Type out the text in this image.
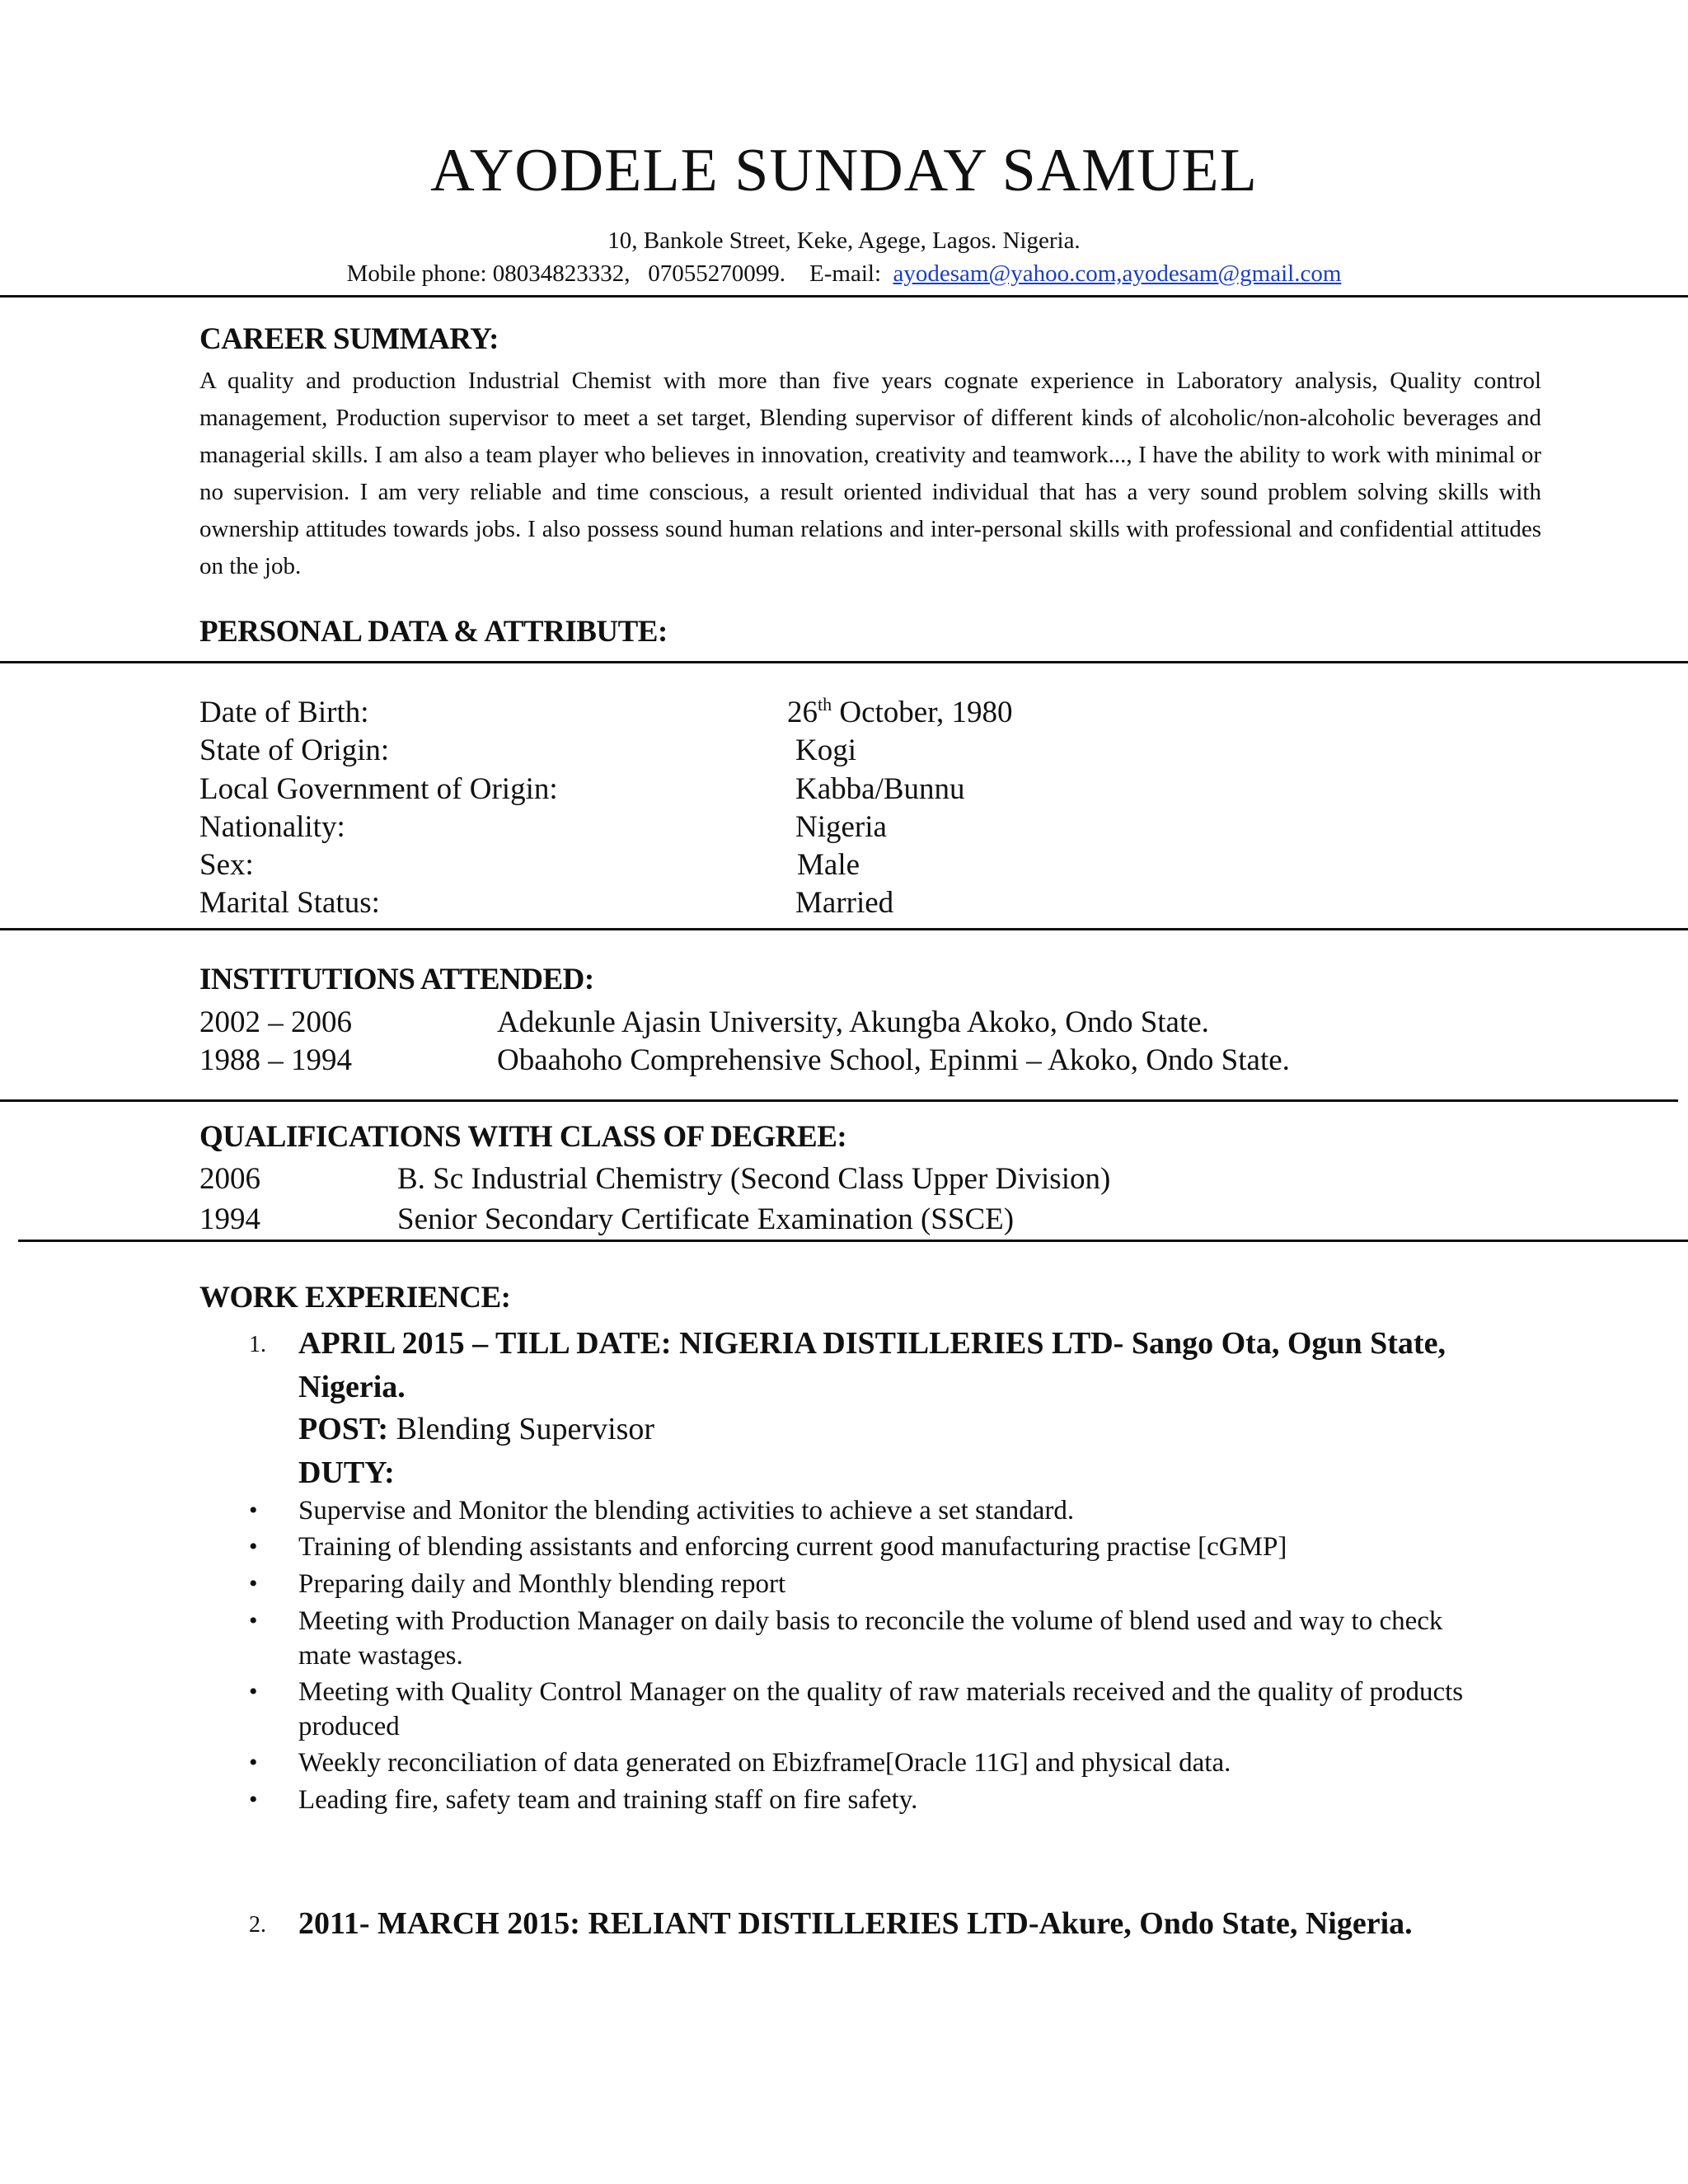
AYODELE SUNDAY SAMUEL
10, Bankole Street, Keke, Agege, Lagos. Nigeria.
Mobile phone: 08034823332,   07055270099.    E-mail:  ayodesam@yahoo.com,ayodesam@gmail.com
CAREER SUMMARY:
A quality and production Industrial Chemist with more than five years cognate experience in Laboratory analysis, Quality control management, Production supervisor to meet a set target, Blending supervisor of different kinds of alcoholic/non-alcoholic beverages and managerial skills. I am also a team player who believes in innovation, creativity and teamwork..., I have the ability to work with minimal or no supervision. I am very reliable and time conscious, a result oriented individual that has a very sound problem solving skills with ownership attitudes towards jobs. I also possess sound human relations and inter-personal skills with professional and confidential attitudes on the job.
PERSONAL DATA & ATTRIBUTE:
Date of Birth:	26th October, 1980
State of Origin:	Kogi
Local Government of Origin:	Kabba/Bunnu
Nationality:	Nigeria
Sex:	Male
Marital Status:	Married
INSTITUTIONS ATTENDED:
2002 – 2006	Adekunle Ajasin University, Akungba Akoko, Ondo State.
1988 – 1994	Obaahoho Comprehensive School, Epinmi – Akoko, Ondo State.
QUALIFICATIONS WITH CLASS OF DEGREE:
2006	B. Sc Industrial Chemistry (Second Class Upper Division)
1994	Senior Secondary Certificate Examination (SSCE)
WORK EXPERIENCE:
1. APRIL 2015 – TILL DATE: NIGERIA DISTILLERIES LTD- Sango Ota, Ogun State, Nigeria.
POST: Blending Supervisor
DUTY:
• Supervise and Monitor the blending activities to achieve a set standard.
• Training of blending assistants and enforcing current good manufacturing practise [cGMP]
• Preparing daily and Monthly blending report
• Meeting with Production Manager on daily basis to reconcile the volume of blend used and way to check mate wastages.
• Meeting with Quality Control Manager on the quality of raw materials received and the quality of products produced
• Weekly reconciliation of data generated on Ebizframe[Oracle 11G] and physical data.
• Leading fire, safety team and training staff on fire safety.
2. 2011- MARCH 2015: RELIANT DISTILLERIES LTD-Akure, Ondo State, Nigeria.
